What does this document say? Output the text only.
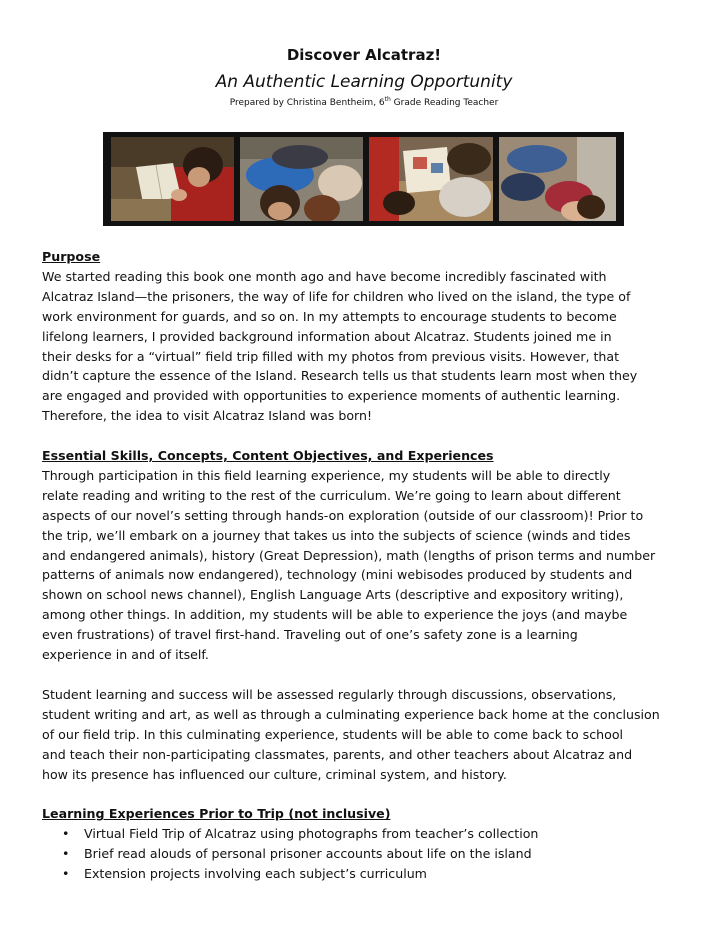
Discover Alcatraz!
An Authentic Learning Opportunity
Prepared by Christina Bentheim, 6th Grade Reading Teacher
Purpose
We started reading this book one month ago and have become incredibly fascinated with
Alcatraz Island—the prisoners, the way of life for children who lived on the island, the type of
work environment for guards, and so on. In my attempts to encourage students to become
lifelong learners, I provided background information about Alcatraz. Students joined me in
their desks for a “virtual” field trip filled with my photos from previous visits. However, that
didn’t capture the essence of the Island. Research tells us that students learn most when they
are engaged and provided with opportunities to experience moments of authentic learning.
Therefore, the idea to visit Alcatraz Island was born!
Essential Skills, Concepts, Content Objectives, and Experiences
Through participation in this field learning experience, my students will be able to directly
relate reading and writing to the rest of the curriculum. We’re going to learn about different
aspects of our novel’s setting through hands-on exploration (outside of our classroom)! Prior to
the trip, we’ll embark on a journey that takes us into the subjects of science (winds and tides
and endangered animals), history (Great Depression), math (lengths of prison terms and number
patterns of animals now endangered), technology (mini webisodes produced by students and
shown on school news channel), English Language Arts (descriptive and expository writing),
among other things. In addition, my students will be able to experience the joys (and maybe
even frustrations) of travel first-hand. Traveling out of one’s safety zone is a learning
experience in and of itself.
Student learning and success will be assessed regularly through discussions, observations,
student writing and art, as well as through a culminating experience back home at the conclusion
of our field trip. In this culminating experience, students will be able to come back to school
and teach their non-participating classmates, parents, and other teachers about Alcatraz and
how its presence has influenced our culture, criminal system, and history.
Learning Experiences Prior to Trip (not inclusive)
• Virtual Field Trip of Alcatraz using photographs from teacher’s collection
• Brief read alouds of personal prisoner accounts about life on the island
• Extension projects involving each subject’s curriculum
